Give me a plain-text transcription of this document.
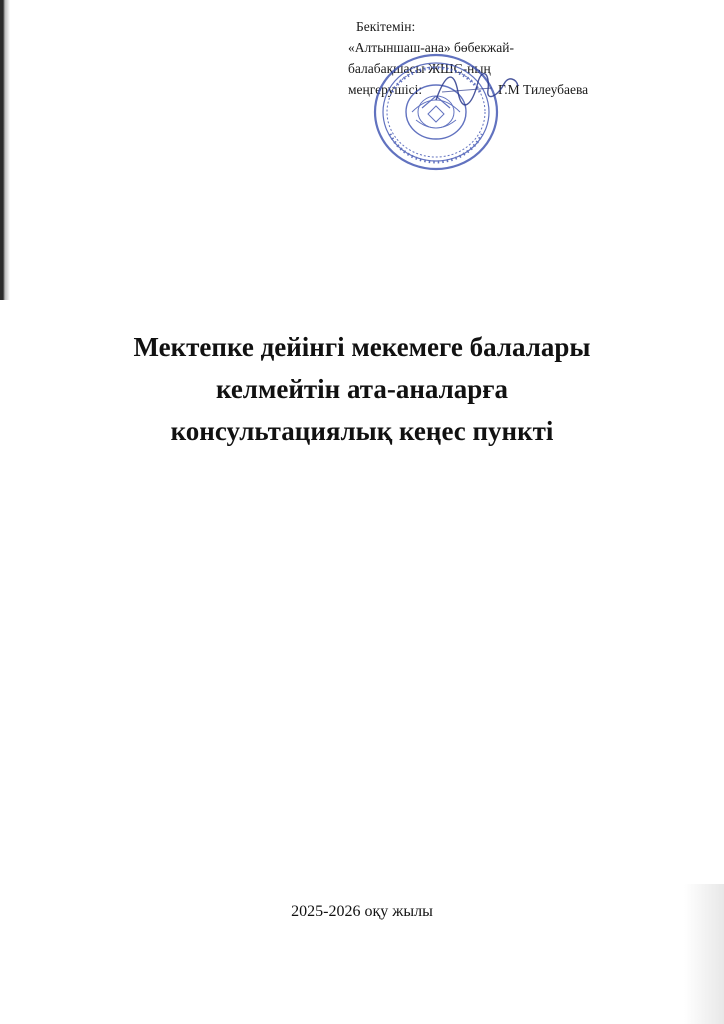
Бекітемін:
«Алтыншаш-ана» бөбекжай-
балабақшасы ЖШС-ның
меңгерушісі:	Г.М Тилеубаева
Мектепке дейінгі мекемеге балалары
келмейтін ата-аналарға
консультациялық кеңес пункті
2025-2026 оқу жылы
